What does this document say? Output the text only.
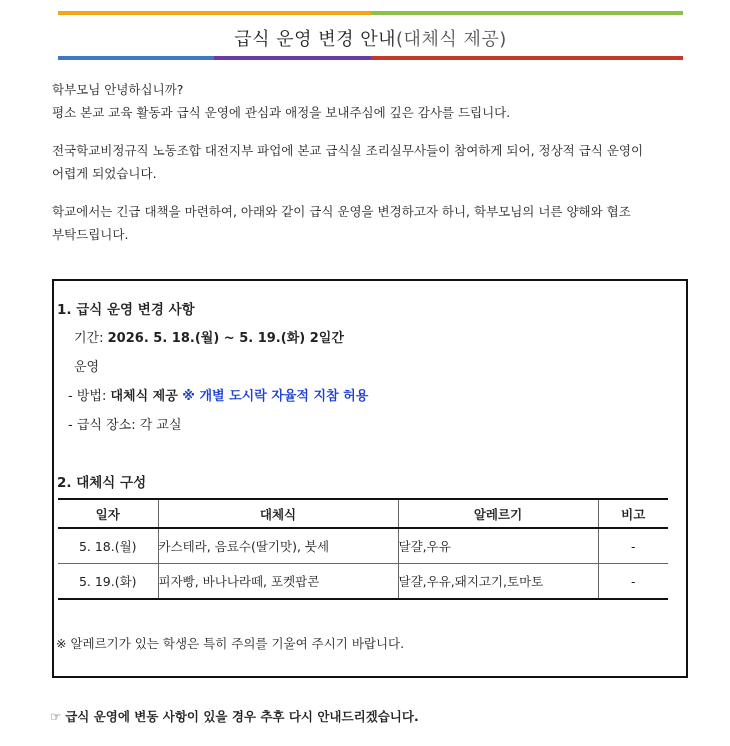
급식 운영 변경 안내(대체식 제공)
학부모님 안녕하십니까?
평소 본교 교육 활동과 급식 운영에 관심과 애정을 보내주심에 깊은 감사를 드립니다.
전국학교비정규직 노동조합 대전지부 파업에 본교 급식실 조리실무사들이 참여하게 되어, 정상적 급식 운영이
어렵게 되었습니다.
학교에서는 긴급 대책을 마련하여, 아래와 같이 급식 운영을 변경하고자 하니, 학부모님의 너른 양해와 협조
부탁드립니다.
1. 급식 운영 변경 사항
기간: 2026. 5. 18.(월) ~ 5. 19.(화) 2일간
운영
- 방법: 대체식 제공 ※ 개별 도시락 자율적 지참 허용
- 급식 장소: 각 교실
2. 대체식 구성
일자	대체식	알레르기	비고
5. 18.(월)	카스테라, 음료수(딸기맛), 붓세	달걀,우유	-
5. 19.(화)	피자빵, 바나나라떼, 포켓팝콘	달걀,우유,돼지고기,토마토	-
※ 알레르기가 있는 학생은 특히 주의를 기울여 주시기 바랍니다.
☞ 급식 운영에 변동 사항이 있을 경우 추후 다시 안내드리겠습니다.
